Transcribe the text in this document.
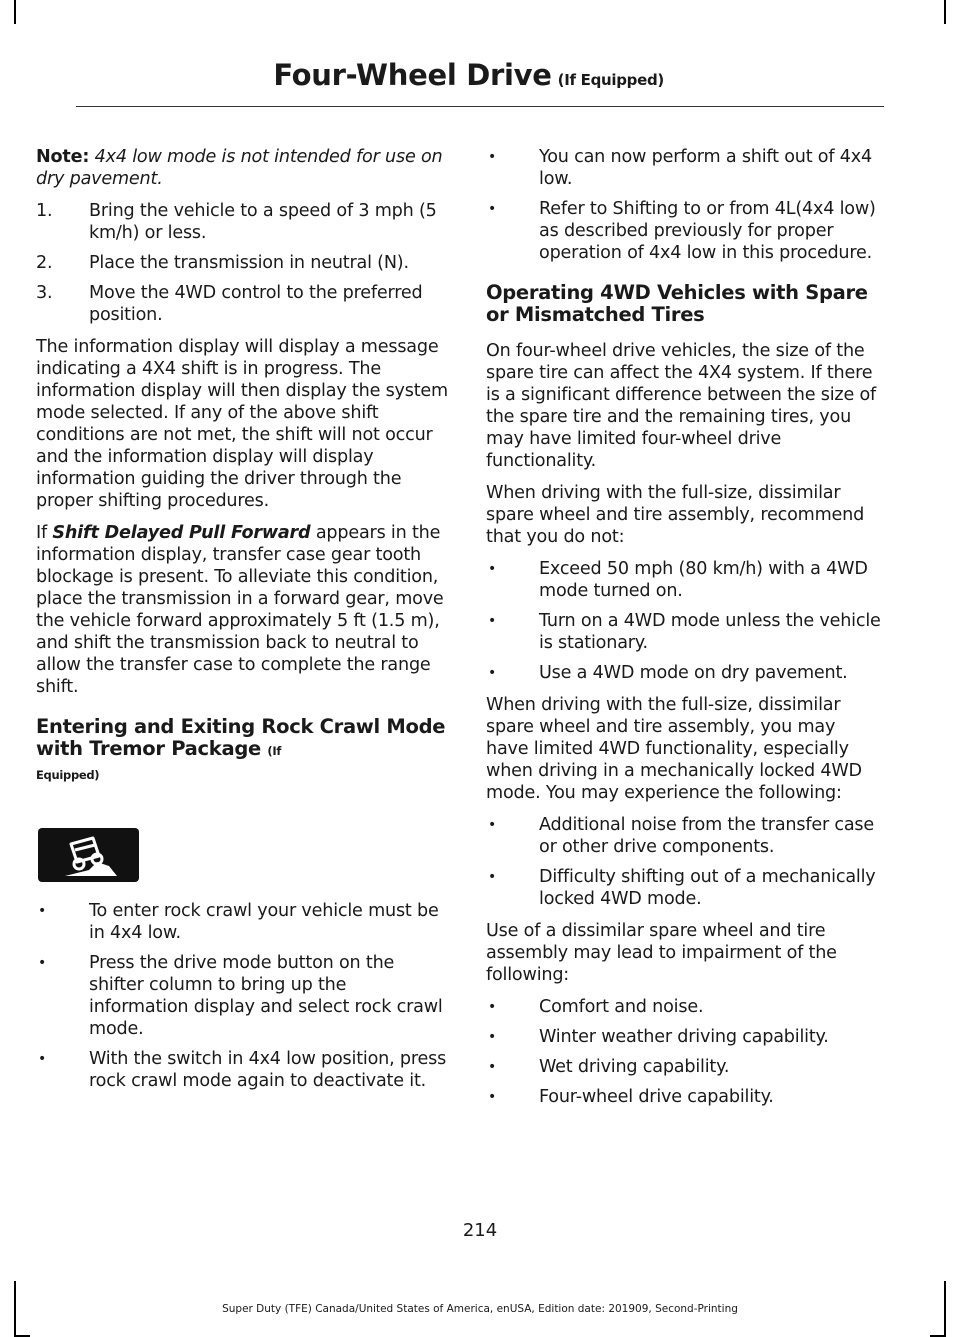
Four-Wheel Drive (If Equipped)

Note: 4x4 low mode is not intended for use on dry pavement.

1. Bring the vehicle to a speed of 3 mph (5 km/h) or less.
2. Place the transmission in neutral (N).
3. Move the 4WD control to the preferred position.

The information display will display a message indicating a 4X4 shift is in progress. The information display will then display the system mode selected. If any of the above shift conditions are not met, the shift will not occur and the information display will display information guiding the driver through the proper shifting procedures.

If Shift Delayed Pull Forward appears in the information display, transfer case gear tooth blockage is present. To alleviate this condition, place the transmission in a forward gear, move the vehicle forward approximately 5 ft (1.5 m), and shift the transmission back to neutral to allow the transfer case to complete the range shift.

Entering and Exiting Rock Crawl Mode with Tremor Package (If
Equipped)
• To enter rock crawl your vehicle must be in 4x4 low.
• Press the drive mode button on the shifter column to bring up the information display and select rock crawl mode.
• With the switch in 4x4 low position, press rock crawl mode again to deactivate it.
• You can now perform a shift out of 4x4 low.
• Refer to Shifting to or from 4L(4x4 low) as described previously for proper operation of 4x4 low in this procedure.
Operating 4WD Vehicles with Spare or Mismatched Tires

On four-wheel drive vehicles, the size of the spare tire can affect the 4X4 system. If there is a significant difference between the size of the spare tire and the remaining tires, you may have limited four-wheel drive functionality.

When driving with the full-size, dissimilar spare wheel and tire assembly, recommend that you do not:

• Exceed 50 mph (80 km/h) with a 4WD mode turned on.
• Turn on a 4WD mode unless the vehicle is stationary.
• Use a 4WD mode on dry pavement.

When driving with the full-size, dissimilar spare wheel and tire assembly, you may have limited 4WD functionality, especially when driving in a mechanically locked 4WD mode. You may experience the following:

• Additional noise from the transfer case or other drive components.
• Difficulty shifting out of a mechanically locked 4WD mode.

Use of a dissimilar spare wheel and tire assembly may lead to impairment of the following:

• Comfort and noise.
• Winter weather driving capability.
• Wet driving capability.
• Four-wheel drive capability.
214
Super Duty (TFE) Canada/United States of America, enUSA, Edition date: 201909, Second-Printing
